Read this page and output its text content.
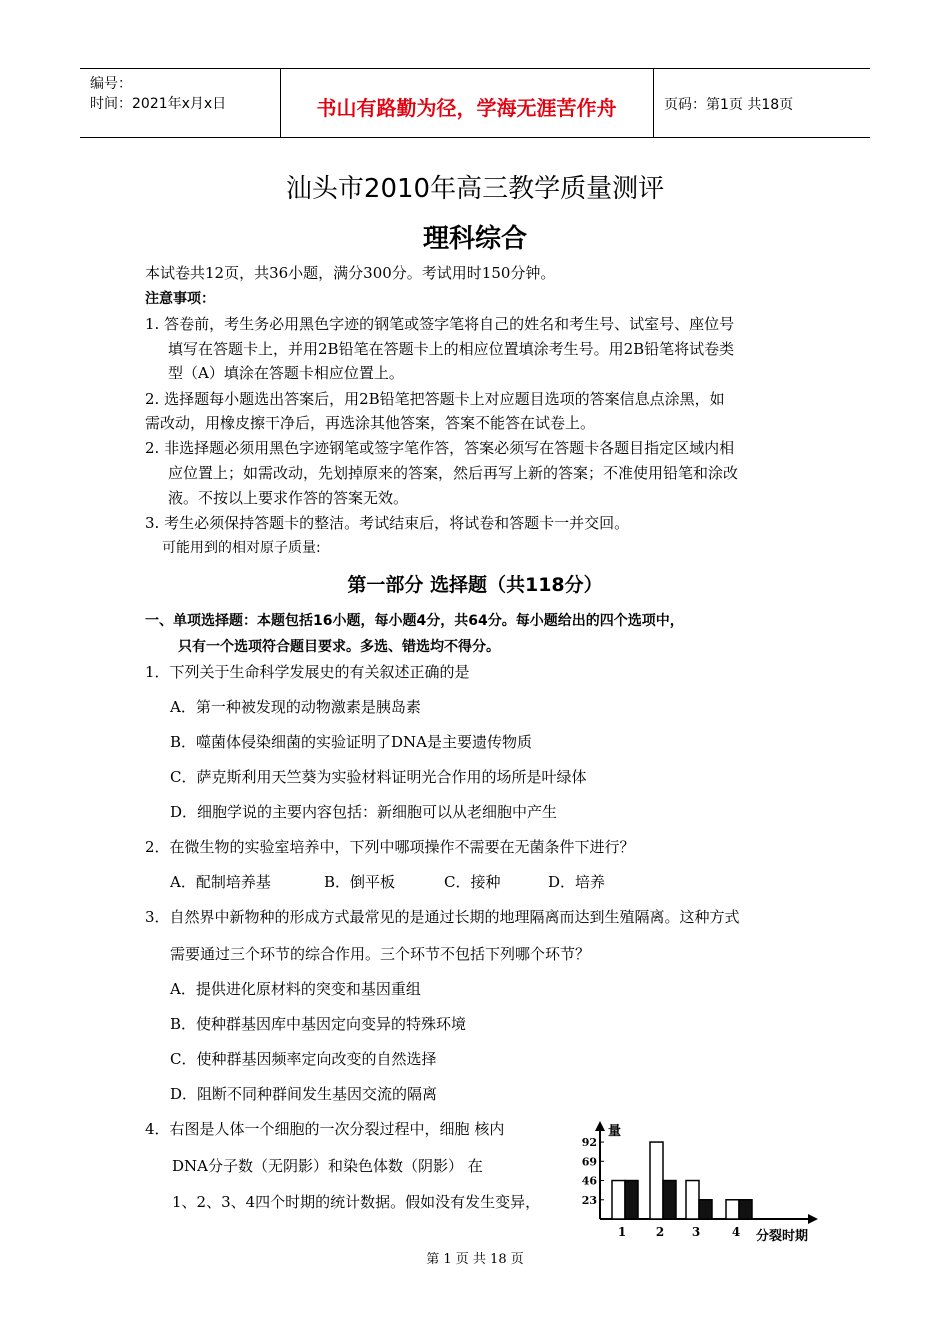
编号：
时间：2021年x月x日	书山有路勤为径，学海无涯苦作舟	页码：第1页 共18页
汕头市2010年高三教学质量测评
理科综合
本试卷共12页，共36小题，满分300分。考试用时150分钟。
注意事项：
1. 答卷前，考生务必用黑色字迹的钢笔或签字笔将自己的姓名和考生号、试室号、座位号
填写在答题卡上，并用2B铅笔在答题卡上的相应位置填涂考生号。用2B铅笔将试卷类
型（A）填涂在答题卡相应位置上。
2. 选择题每小题选出答案后，用2B铅笔把答题卡上对应题目选项的答案信息点涂黑，如
需改动，用橡皮擦干净后，再选涂其他答案，答案不能答在试卷上。
2. 非选择题必须用黑色字迹钢笔或签字笔作答，答案必须写在答题卡各题目指定区域内相
应位置上；如需改动，先划掉原来的答案，然后再写上新的答案；不准使用铅笔和涂改
液。不按以上要求作答的答案无效。
3. 考生必须保持答题卡的整洁。考试结束后，将试卷和答题卡一并交回。
可能用到的相对原子质量:
第一部分 选择题（共118分）
一、单项选择题：本题包括16小题，每小题4分，共64分。每小题给出的四个选项中，
只有一个选项符合题目要求。多选、错选均不得分。
1．下列关于生命科学发展史的有关叙述正确的是
A．第一种被发现的动物激素是胰岛素
B．噬菌体侵染细菌的实验证明了DNA是主要遗传物质
C．萨克斯利用天竺葵为实验材料证明光合作用的场所是叶绿体
D．细胞学说的主要内容包括：新细胞可以从老细胞中产生
2．在微生物的实验室培养中，下列中哪项操作不需要在无菌条件下进行？
A．配制培养基	B．倒平板	C．接种	D．培养
3．自然界中新物种的形成方式最常见的是通过长期的地理隔离而达到生殖隔离。这种方式
需要通过三个环节的综合作用。三个环节不包括下列哪个环节？
A．提供进化原材料的突变和基因重组
B．使种群基因库中基因定向变异的特殊环境
C．使种群基因频率定向改变的自然选择
D．阻断不同种群间发生基因交流的隔离
4．右图是人体一个细胞的一次分裂过程中，细胞 核内
DNA分子数（无阴影）和染色体数（阴影） 在
1、2、3、4四个时期的统计数据。假如没有发生变异，
量
92
69
46
23
1 2 3	4 分裂时期
第 1 页 共 18 页
